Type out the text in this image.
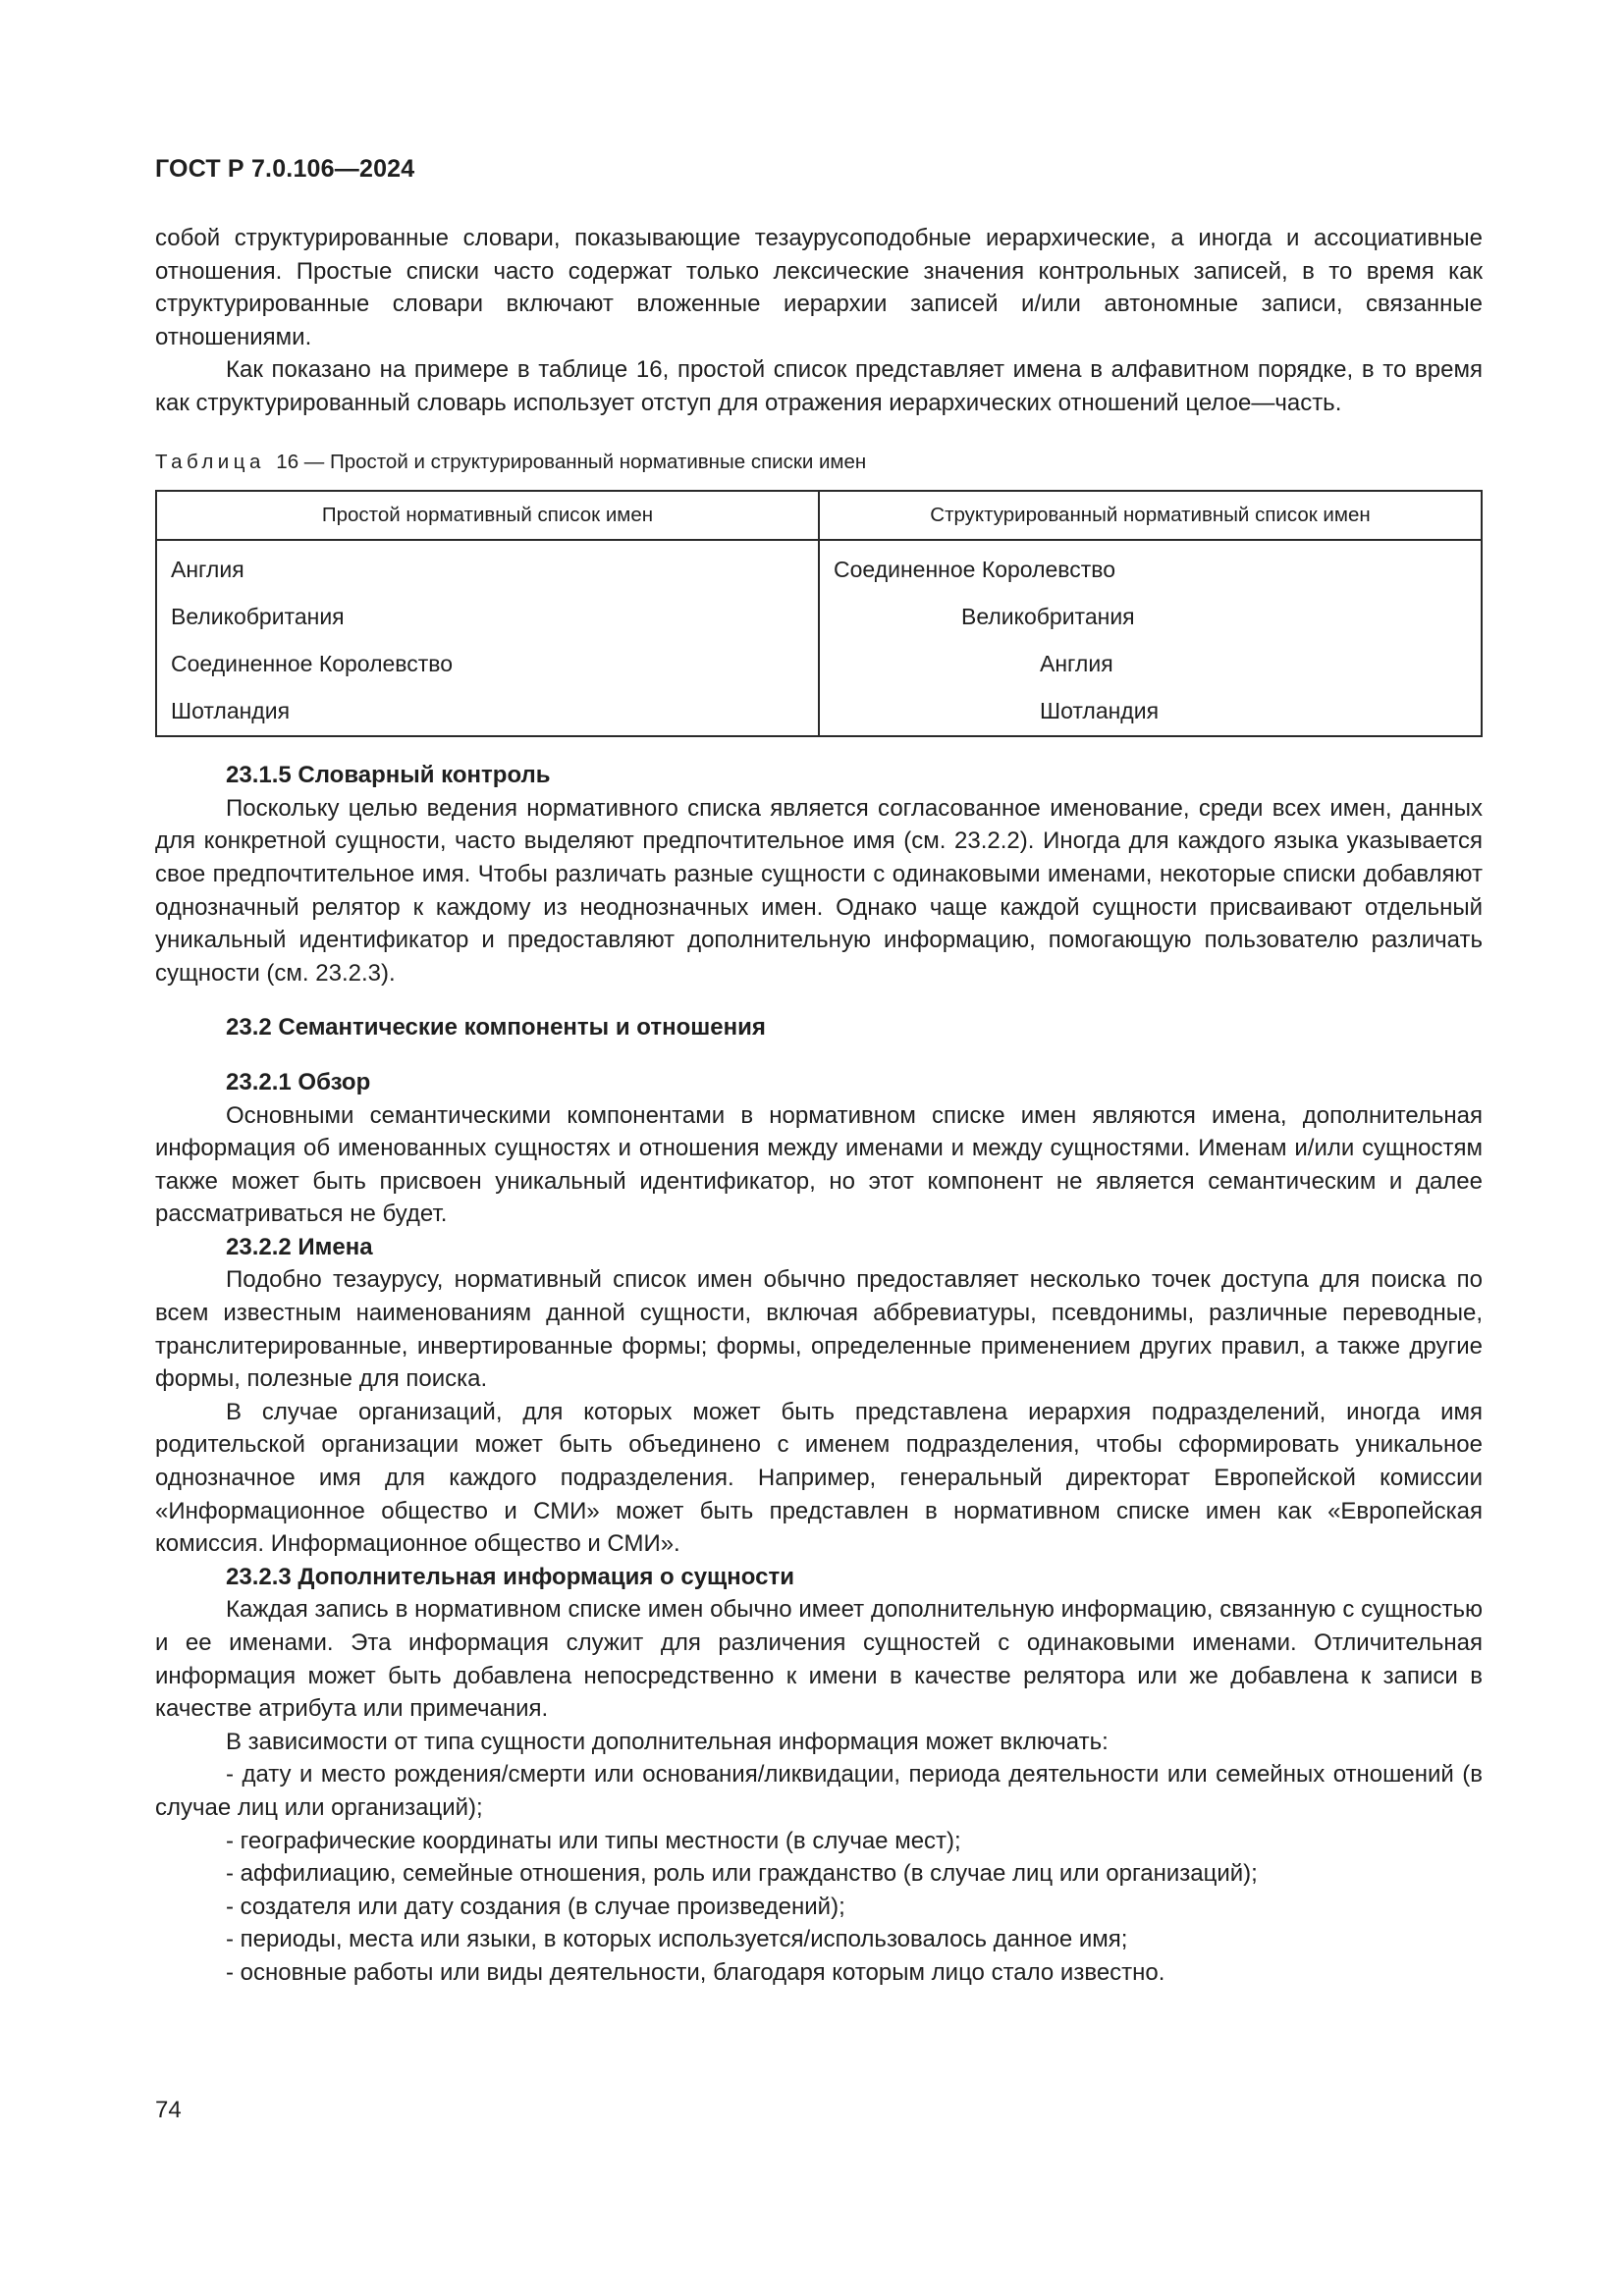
ГОСТ Р 7.0.106—2024

собой структурированные словари, показывающие тезаурусоподобные иерархические, а иногда и ассоциативные отношения. Простые списки часто содержат только лексические значения контрольных записей, в то время как структурированные словари включают вложенные иерархии записей и/или автономные записи, связанные отношениями.

Как показано на примере в таблице 16, простой список представляет имена в алфавитном порядке, в то время как структурированный словарь использует отступ для отражения иерархических отношений целое—часть.

Таблица 16 — Простой и структурированный нормативные списки имен
Простой нормативный список имен	Структурированный нормативный список имен
Англия	Соединенное Королевство
Великобритания	Великобритания
Соединенное Королевство	Англия
Шотландия	Шотландия

23.1.5 Словарный контроль

Поскольку целью ведения нормативного списка является согласованное именование, среди всех имен, данных для конкретной сущности, часто выделяют предпочтительное имя (см. 23.2.2). Иногда для каждого языка указывается свое предпочтительное имя. Чтобы различать разные сущности с одинаковыми именами, некоторые списки добавляют однозначный релятор к каждому из неоднозначных имен. Однако чаще каждой сущности присваивают отдельный уникальный идентификатор и предоставляют дополнительную информацию, помогающую пользователю различать сущности (см. 23.2.3).

23.2 Семантические компоненты и отношения

23.2.1 Обзор

Основными семантическими компонентами в нормативном списке имен являются имена, дополнительная информация об именованных сущностях и отношения между именами и между сущностями. Именам и/или сущностям также может быть присвоен уникальный идентификатор, но этот компонент не является семантическим и далее рассматриваться не будет.

23.2.2 Имена

Подобно тезаурусу, нормативный список имен обычно предоставляет несколько точек доступа для поиска по всем известным наименованиям данной сущности, включая аббревиатуры, псевдонимы, различные переводные, транслитерированные, инвертированные формы; формы, определенные применением других правил, а также другие формы, полезные для поиска.

В случае организаций, для которых может быть представлена иерархия подразделений, иногда имя родительской организации может быть объединено с именем подразделения, чтобы сформировать уникальное однозначное имя для каждого подразделения. Например, генеральный директорат Европейской комиссии «Информационное общество и СМИ» может быть представлен в нормативном списке имен как «Европейская комиссия. Информационное общество и СМИ».

23.2.3 Дополнительная информация о сущности

Каждая запись в нормативном списке имен обычно имеет дополнительную информацию, связанную с сущностью и ее именами. Эта информация служит для различения сущностей с одинаковыми именами. Отличительная информация может быть добавлена непосредственно к имени в качестве релятора или же добавлена к записи в качестве атрибута или примечания.

В зависимости от типа сущности дополнительная информация может включать:

- дату и место рождения/смерти или основания/ликвидации, периода деятельности или семейных отношений (в случае лиц или организаций);

- географические координаты или типы местности (в случае мест);

- аффилиацию, семейные отношения, роль или гражданство (в случае лиц или организаций);

- создателя или дату создания (в случае произведений);

- периоды, места или языки, в которых используется/использовалось данное имя;

- основные работы или виды деятельности, благодаря которым лицо стало известно.

74
